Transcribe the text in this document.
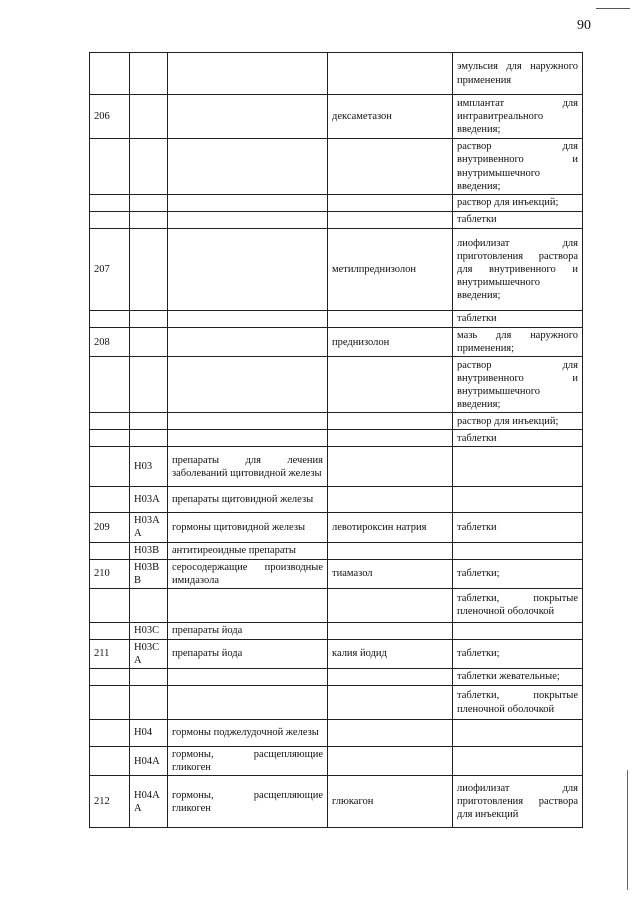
90
				эмульсия для наружного применения
206			дексаметазон	имплантат для интравитреального введения;
				раствор для внутривенного и внутримышечного введения;
				раствор для инъекций;
				таблетки
207			метилпреднизолон	лиофилизат для приготовления раствора для внутривенного и внутримышечного введения;
				таблетки
208			преднизолон	мазь для наружного применения;
				раствор для внутривенного и внутримышечного введения;
				раствор для инъекций;
				таблетки
	H03	препараты для лечения заболеваний щитовидной железы		
	H03A	препараты щитовидной железы		
209	H03A A	гормоны щитовидной железы	левотироксин натрия	таблетки
	H03B	антитиреоидные препараты		
210	H03B B	серосодержащие производные имидазола	тиамазол	таблетки;
				таблетки, покрытые пленочной оболочкой
	H03C	препараты йода		
211	H03C A	препараты йода	калия йодид	таблетки;
				таблетки жевательные;
				таблетки, покрытые пленочной оболочкой
	H04	гормоны поджелудочной железы		
	H04A	гормоны, расщепляющие гликоген		
212	H04A A	гормоны, расщепляющие гликоген	глюкагон	лиофилизат для приготовления раствора для инъекций
